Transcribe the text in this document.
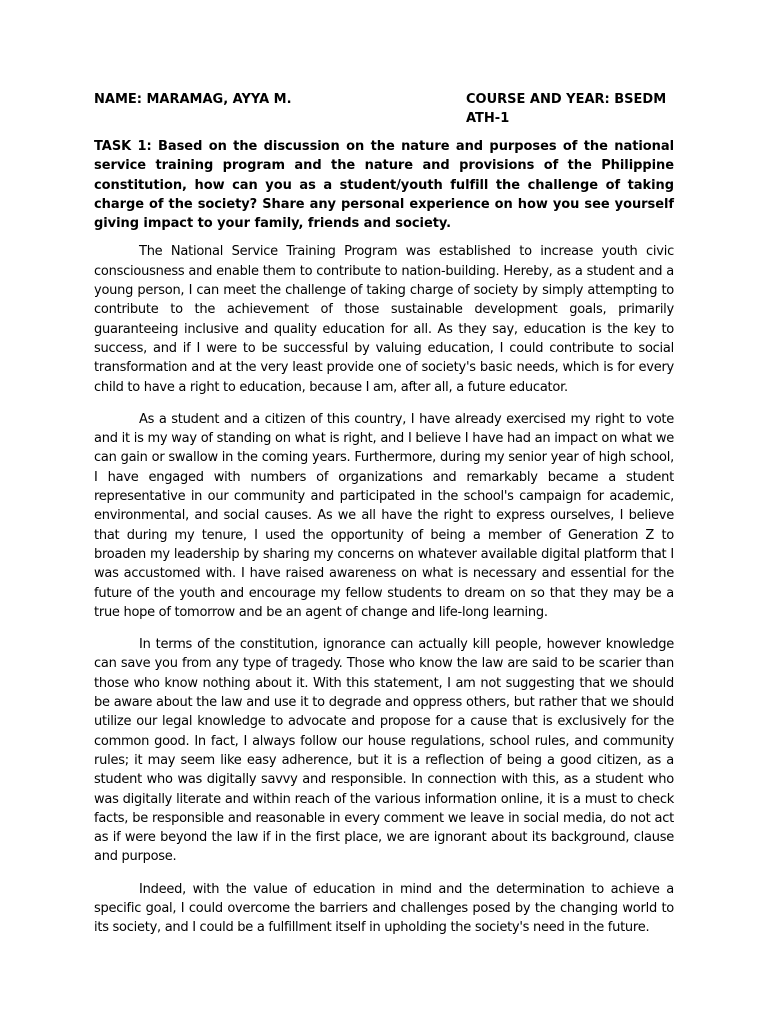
NAME: MARAMAG, AYYA M.	COURSE AND YEAR: BSEDMATH-1
TASK 1: Based on the discussion on the nature and purposes of the national service training program and the nature and provisions of the Philippine constitution, how can you as a student/youth fulfill the challenge of taking charge of the society? Share any personal experience on how you see yourself giving impact to your family, friends and society.

The National Service Training Program was established to increase youth civic consciousness and enable them to contribute to nation-building. Hereby, as a student and a young person, I can meet the challenge of taking charge of society by simply attempting to contribute to the achievement of those sustainable development goals, primarily guaranteeing inclusive and quality education for all. As they say, education is the key to success, and if I were to be successful by valuing education, I could contribute to social transformation and at the very least provide one of society's basic needs, which is for every child to have a right to education, because I am, after all, a future educator.

As a student and a citizen of this country, I have already exercised my right to vote and it is my way of standing on what is right, and I believe I have had an impact on what we can gain or swallow in the coming years. Furthermore, during my senior year of high school, I have engaged with numbers of organizations and remarkably became a student representative in our community and participated in the school's campaign for academic, environmental, and social causes. As we all have the right to express ourselves, I believe that during my tenure, I used the opportunity of being a member of Generation Z to broaden my leadership by sharing my concerns on whatever available digital platform that I was accustomed with. I have raised awareness on what is necessary and essential for the future of the youth and encourage my fellow students to dream on so that they may be a true hope of tomorrow and be an agent of change and life-long learning.

In terms of the constitution, ignorance can actually kill people, however knowledge can save you from any type of tragedy. Those who know the law are said to be scarier than those who know nothing about it. With this statement, I am not suggesting that we should be aware about the law and use it to degrade and oppress others, but rather that we should utilize our legal knowledge to advocate and propose for a cause that is exclusively for the common good. In fact, I always follow our house regulations, school rules, and community rules; it may seem like easy adherence, but it is a reflection of being a good citizen, as a student who was digitally savvy and responsible. In connection with this, as a student who was digitally literate and within reach of the various information online, it is a must to check facts, be responsible and reasonable in every comment we leave in social media, do not act as if were beyond the law if in the first place, we are ignorant about its background, clause and purpose.

Indeed, with the value of education in mind and the determination to achieve a specific goal, I could overcome the barriers and challenges posed by the changing world to its society, and I could be a fulfillment itself in upholding the society's need in the future.
